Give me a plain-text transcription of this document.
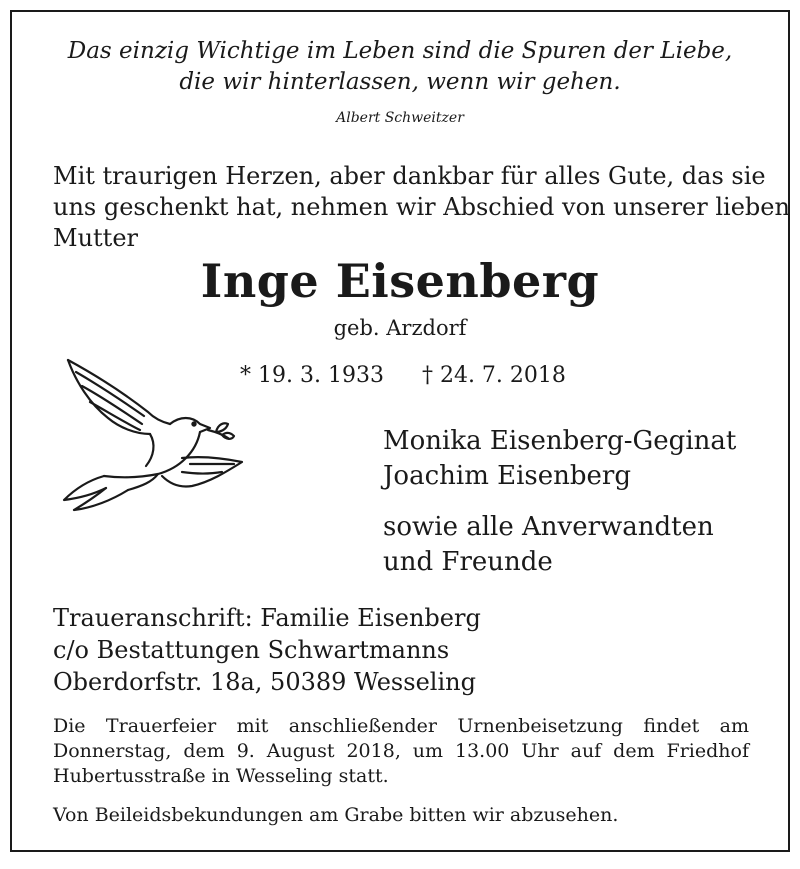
Das einzig Wichtige im Leben sind die Spuren der Liebe,
die wir hinterlassen, wenn wir gehen.
Albert Schweitzer
Mit traurigen Herzen, aber dankbar für alles Gute, das sie
uns geschenkt hat, nehmen wir Abschied von unserer lieben
Mutter
Inge Eisenberg
geb. Arzdorf
* 19. 3. 1933 † 24. 7. 2018
Monika Eisenberg-Geginat
Joachim Eisenberg
sowie alle Anverwandten
und Freunde
Traueranschrift: Familie Eisenberg
c/o Bestattungen Schwartmanns
Oberdorfstr. 18a, 50389 Wesseling
Die Trauerfeier mit anschließender Urnenbeisetzung findet am Donnerstag, dem 9. August 2018, um 13.00 Uhr auf dem Friedhof Hubertusstraße in Wesseling statt.
Von Beileidsbekundungen am Grabe bitten wir abzusehen.
